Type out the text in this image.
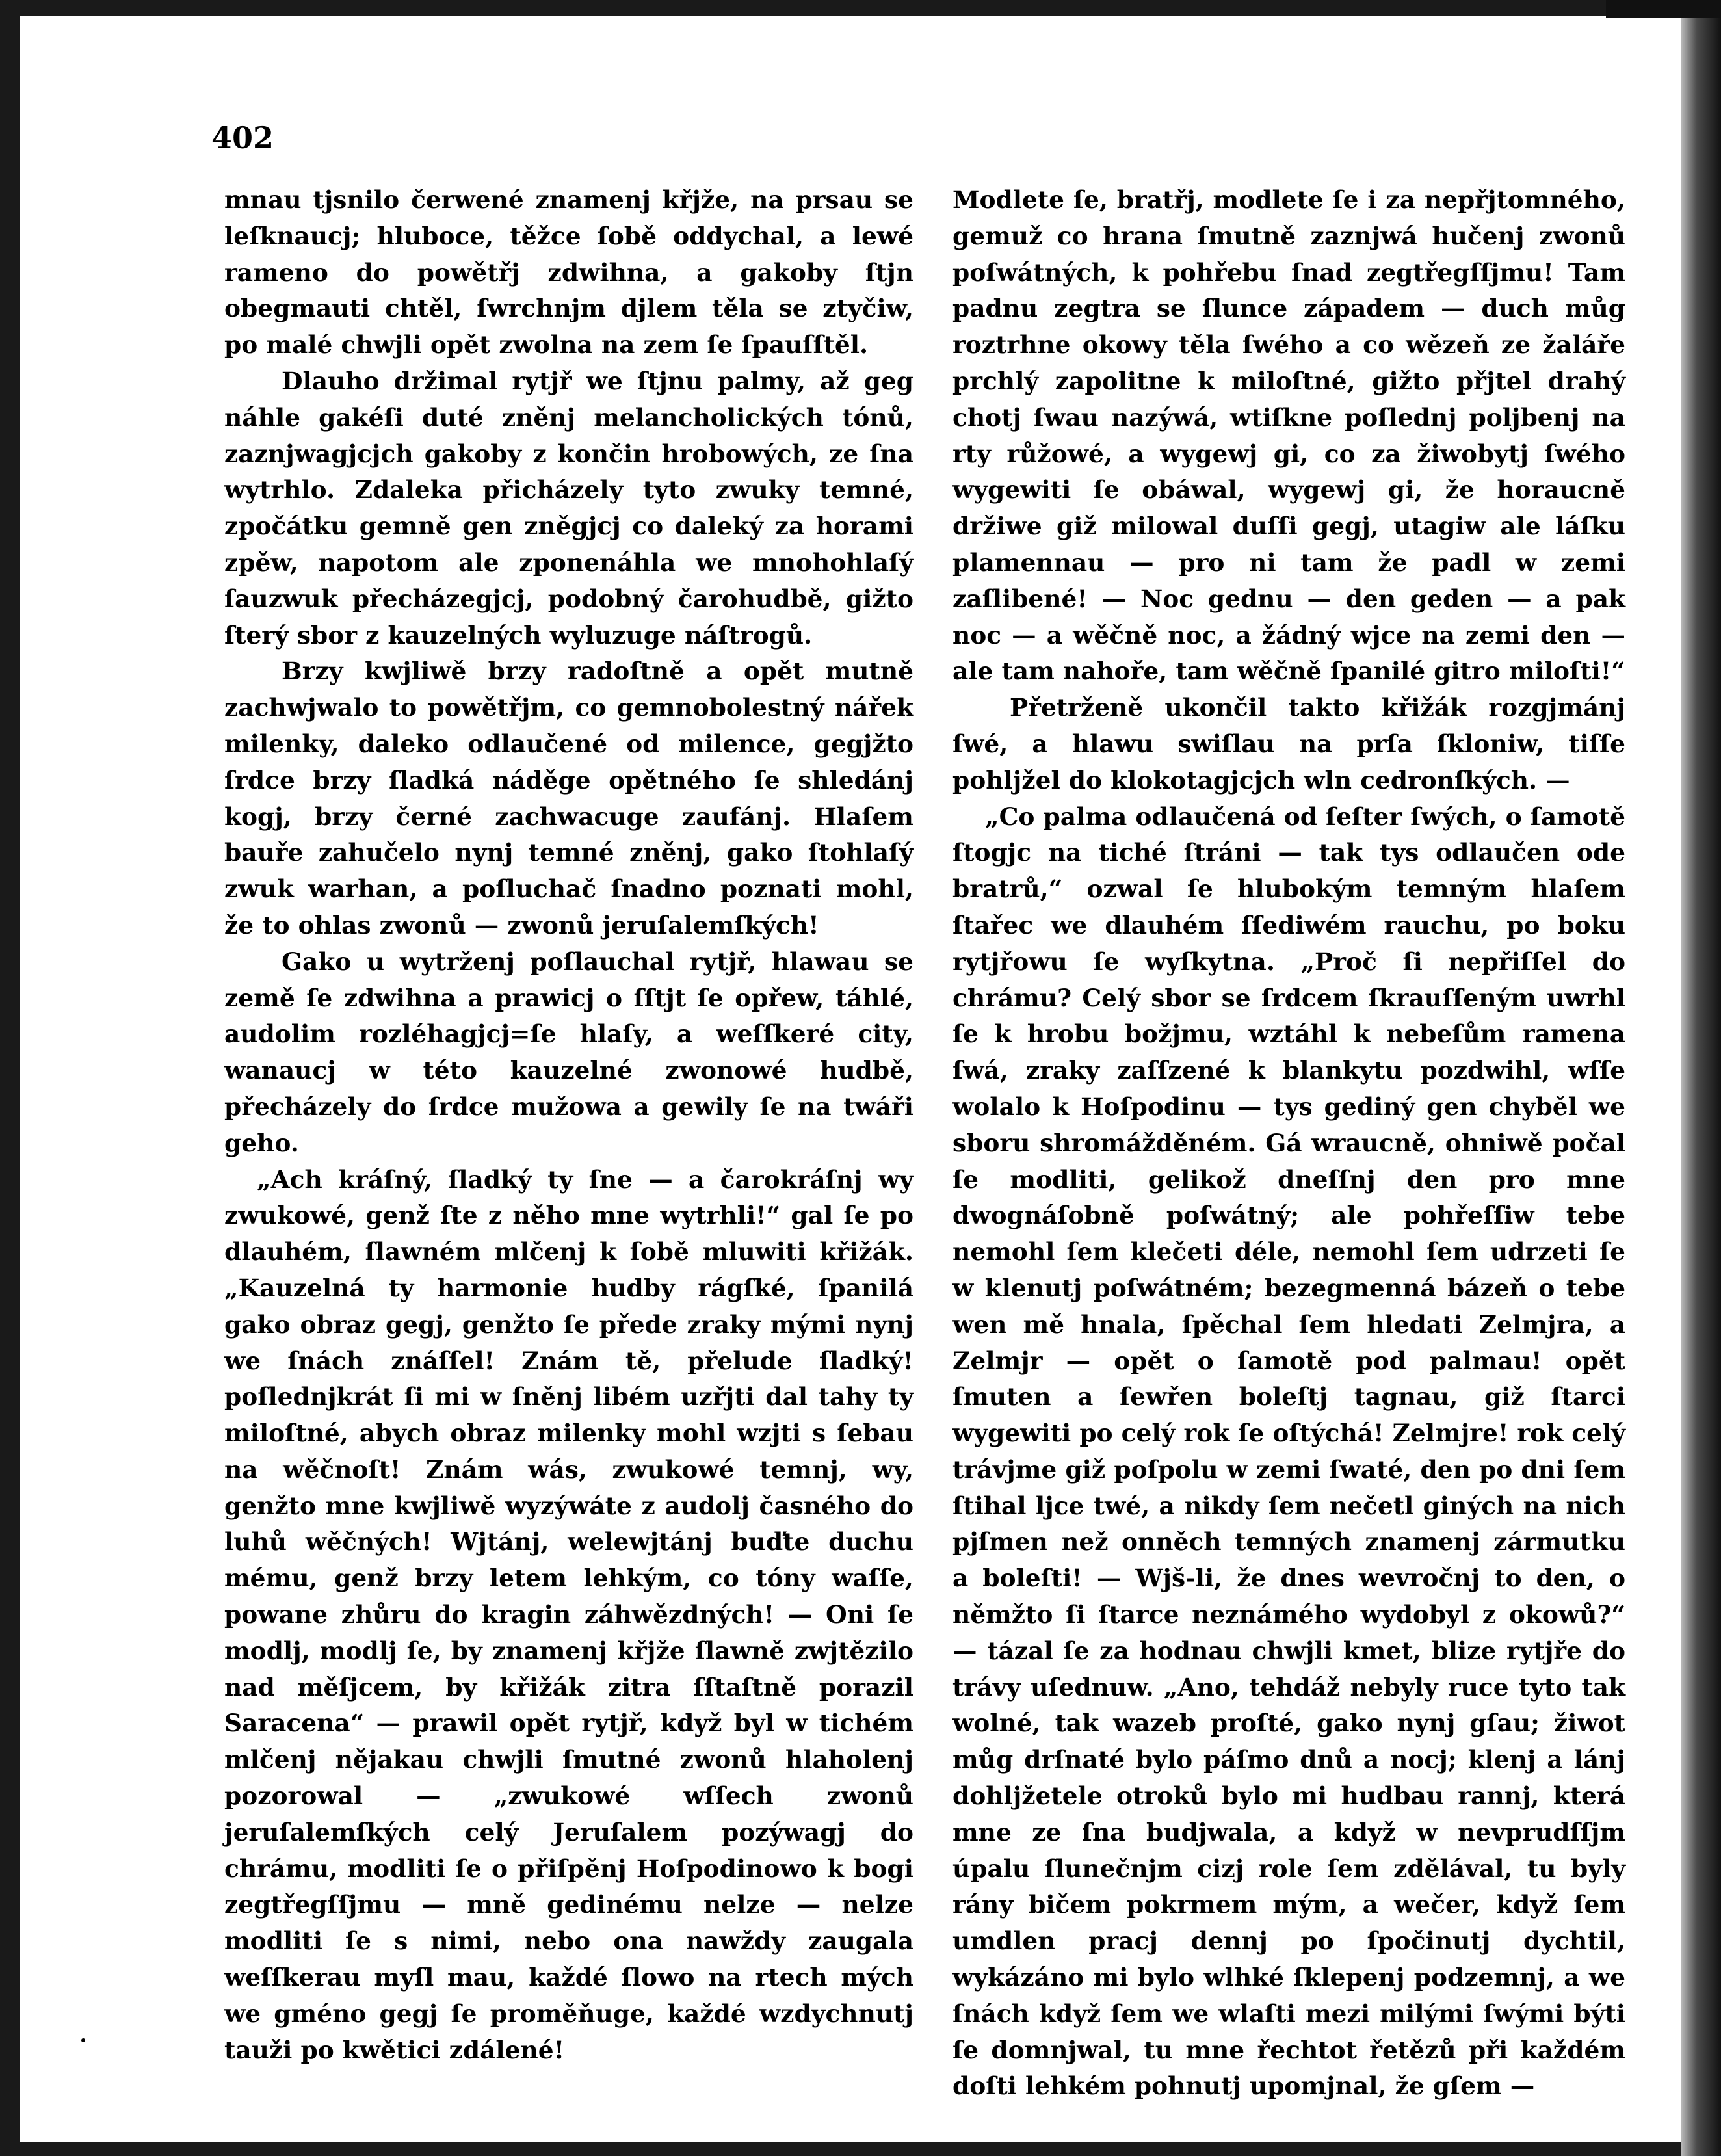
402

mnau tjsnilo čerwené znamenj křjže, na prsau se leſknaucj; hluboce, těžce ſobě oddychal, a lewé rameno do powětřj zdwihna, a gakoby ſtjn obegmauti chtěl, ſwrchnjm djlem těla se ztyčiw, po malé chwjli opět zwolna na zem ſe ſpauſſtěl.

Dlauho držimal rytjř we ſtjnu palmy, až geg náhle gakéſi duté zněnj melancholických tónů, zaznjwagjcjch gakoby z končin hrobowých, ze ſna wytrhlo. Zdaleka přicházely tyto zwuky temné, zpočátku gemně gen zněgjcj co daleký za horami zpěw, napotom ale zponenáhla we mnohohlaſý ſauzwuk přecházegjcj, podobný čarohudbě, gižto ſterý sbor z kauzelných wyluzuge náſtrogů.

Brzy kwjliwě brzy radoſtně a opět mutně zachwjwalo to powětřjm, co gemnobolestný nářek milenky, daleko odlaučené od milence, gegjžto ſrdce brzy ſladká náděge opětného ſe shledánj kogj, brzy černé zachwacuge zaufánj. Hlaſem bauře zahučelo nynj temné zněnj, gako ſtohlaſý zwuk warhan, a poſluchač ſnadno poznati mohl, že to ohlas zwonů — zwonů jeruſalemſkých!

Gako u wytrženj poſlauchal rytjř, hlawau se země ſe zdwihna a prawicj o ſſtjt ſe opřew, táhlé, audolim rozléhagjcj=ſe hlaſy, a weſſkeré city, wanaucj w této kauzelné zwonowé hudbě, přecházely do ſrdce mužowa a gewily ſe na twáři geho.

„Ach kráſný, ſladký ty ſne — a čarokráſnj wy zwukowé, genž ſte z něho mne wytrhli!“ gal ſe po dlauhém, ſlawném mlčenj k ſobě mluwiti křižák. „Kauzelná ty harmonie hudby rágſké, ſpanilá gako obraz gegj, genžto ſe přede zraky mými nynj we ſnách znáſſel! Znám tě, přelude ſladký! poſlednjkrát ſi mi w ſněnj libém uzřjti dal tahy ty miloſtné, abych obraz milenky mohl wzjti s ſebau na wěčnoſt! Znám wás, zwukowé temnj, wy, genžto mne kwjliwě wyzýwáte z audolj časného do luhů wěčných! Wjtánj, welewjtánj buďte duchu mému, genž brzy letem lehkým, co tóny waſſe, powane zhůru do kragin záhwězdných! — Oni ſe modlj, modlj ſe, by znamenj křjže ſlawně zwjtězilo nad měſjcem, by křižák zitra ſſtaſtně porazil Saracena“ — prawil opět rytjř, když byl w tichém mlčenj nějakau chwjli ſmutné zwonů hlaholenj pozorowal — „zwukowé wſſech zwonů jeruſalemſkých celý Jeruſalem pozýwagj do chrámu, modliti ſe o přiſpěnj Hoſpodinowo k bogi zegtřegſſjmu — mně gedinému nelze — nelze modliti ſe s nimi, nebo ona nawždy zaugala weſſkerau myſl mau, každé ſlowo na rtech mých we gméno gegj ſe proměňuge, každé wzdychnutj tauži po kwětici zdálené!

Modlete ſe, bratřj, modlete ſe i za nepřjtomného, gemuž co hrana ſmutně zaznjwá hučenj zwonů poſwátných, k pohřebu ſnad zegtřegſſjmu! Tam padnu zegtra se ſlunce západem — duch můg roztrhne okowy těla ſwého a co wězeň ze žaláře prchlý zapolitne k miloſtné, gižto přjtel drahý chotj ſwau nazýwá, wtiſkne poſlednj poljbenj na rty růžowé, a wygewj gi, co za žiwobytj ſwého wygewiti ſe obáwal, wygewj gi, že horaucně držiwe giž milowal duſſi gegj, utagiw ale láſku plamennau — pro ni tam že padl w zemi zaſlibené! — Noc gednu — den geden — a pak noc — a wěčně noc, a žádný wjce na zemi den — ale tam nahoře, tam wěčně ſpanilé gitro miloſti!“

Přetrženě ukončil takto křižák rozgjmánj ſwé, a hlawu swiſlau na prſa ſkloniw, tiſſe pohljžel do klokotagjcjch wln cedronſkých. —

„Co palma odlaučená od ſeſter ſwých, o ſamotě ſtogjc na tiché ſtráni — tak tys odlaučen ode bratrů,“ ozwal ſe hlubokým temným hlaſem ſtařec we dlauhém ſſediwém rauchu, po boku rytjřowu ſe wyſkytna. „Proč ſi nepřiſſel do chrámu? Celý sbor se ſrdcem ſkrauſſeným uwrhl ſe k hrobu božjmu, wztáhl k nebeſům ramena ſwá, zraky zaſſzené k blankytu pozdwihl, wſſe wolalo k Hoſpodinu — tys gediný gen chyběl we sboru shromážděném. Gá wraucně, ohniwě počal ſe modliti, gelikož dneſſnj den pro mne dwognáſobně poſwátný; ale pohřeſſiw tebe nemohl ſem klečeti déle, nemohl ſem udrzeti ſe w klenutj poſwátném; bezegmenná bázeň o tebe wen mě hnala, ſpěchal ſem hledati Zelmjra, a Zelmjr — opět o ſamotě pod palmau! opět ſmuten a ſewřen boleſtj tagnau, giž ſtarci wygewiti po celý rok ſe oſtýchá! Zelmjre! rok celý trávjme giž poſpolu w zemi ſwaté, den po dni ſem ſtihal ljce twé, a nikdy ſem nečetl giných na nich pjſmen než onněch temných znamenj zármutku a boleſti! — Wjš-li, že dnes wevročnj to den, o němžto ſi ſtarce neznámého wydobyl z okowů?“ — tázal ſe za hodnau chwjli kmet, blize rytjře do trávy uſednuw. „Ano, tehdáž nebyly ruce tyto tak wolné, tak wazeb proſté, gako nynj gſau; žiwot můg drſnaté bylo páſmo dnů a nocj; klenj a lánj dohljžetele otroků bylo mi hudbau rannj, která mne ze ſna budjwala, a když w nevprudſſjm úpalu ſlunečnjm cizj role ſem zdělával, tu byly rány bičem pokrmem mým, a wečer, když ſem umdlen pracj dennj po ſpočinutj dychtil, wykázáno mi bylo wlhké ſklepenj podzemnj, a we ſnách když ſem we wlaſti mezi milými ſwými býti ſe domnjwal, tu mne řechtot řetězů při každém doſti lehkém pohnutj upomjnal, že gſem —
